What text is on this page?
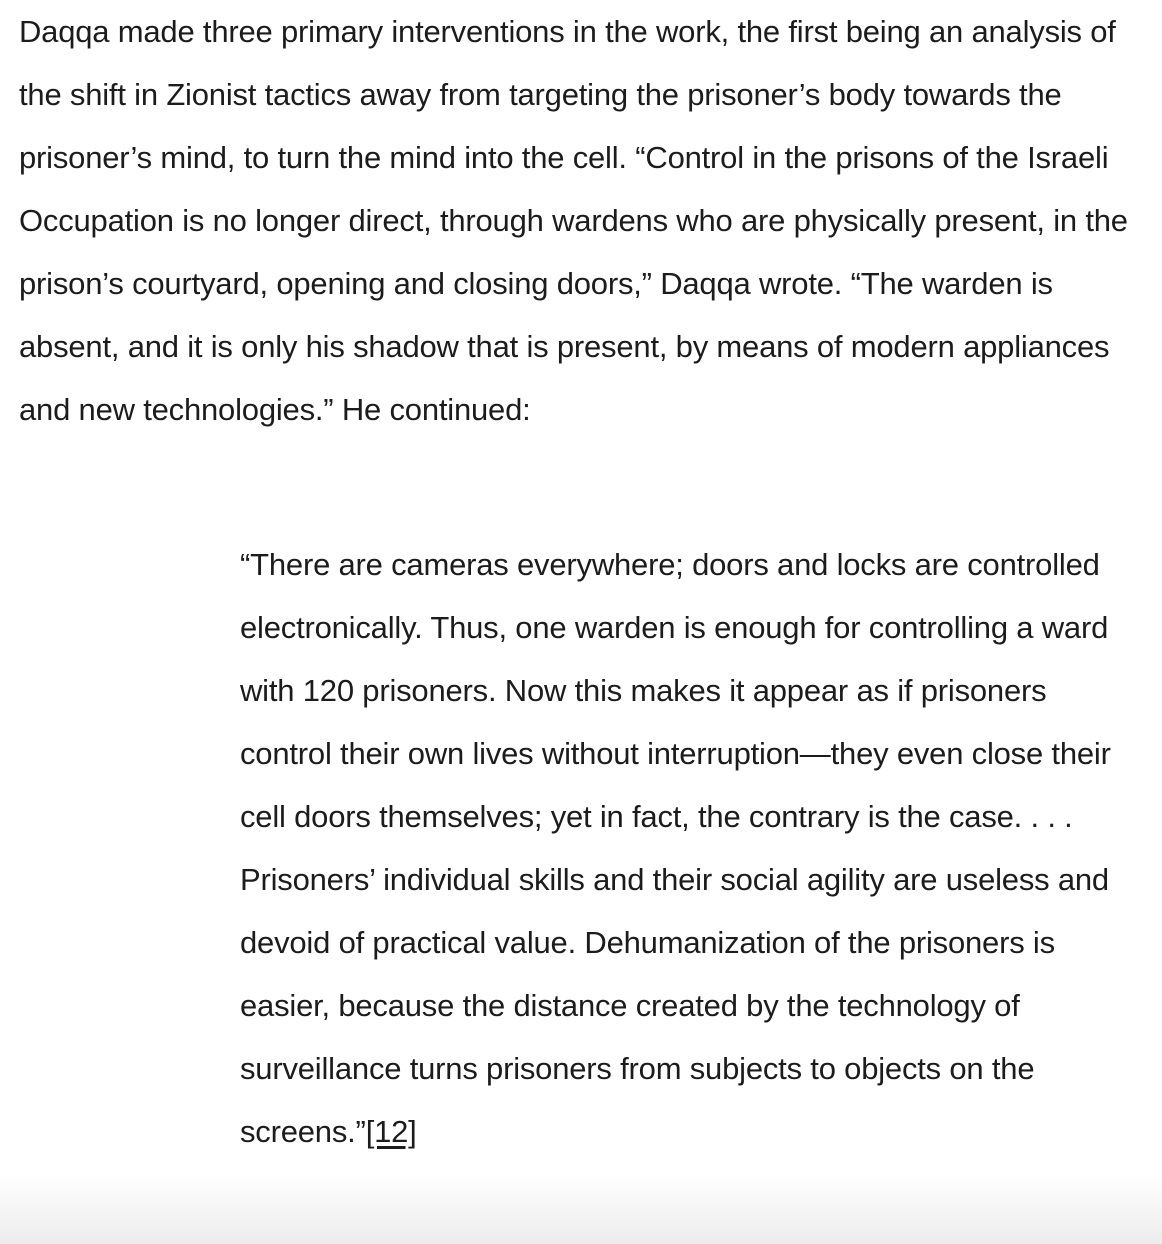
Daqqa made three primary interventions in the work, the first being an analysis of the shift in Zionist tactics away from targeting the prisoner’s body towards the prisoner’s mind, to turn the mind into the cell. “Control in the prisons of the Israeli Occupation is no longer direct, through wardens who are physically present, in the prison’s courtyard, opening and closing doors,” Daqqa wrote. “The warden is absent, and it is only his shadow that is present, by means of modern appliances and new technologies.” He continued:

“There are cameras everywhere; doors and locks are controlled electronically. Thus, one warden is enough for controlling a ward with 120 prisoners. Now this makes it appear as if prisoners control their own lives without interruption—they even close their cell doors themselves; yet in fact, the contrary is the case. . . . Prisoners’ individual skills and their social agility are useless and devoid of practical value. Dehumanization of the prisoners is easier, because the distance created by the technology of surveillance turns prisoners from subjects to objects on the screens.”[12]
